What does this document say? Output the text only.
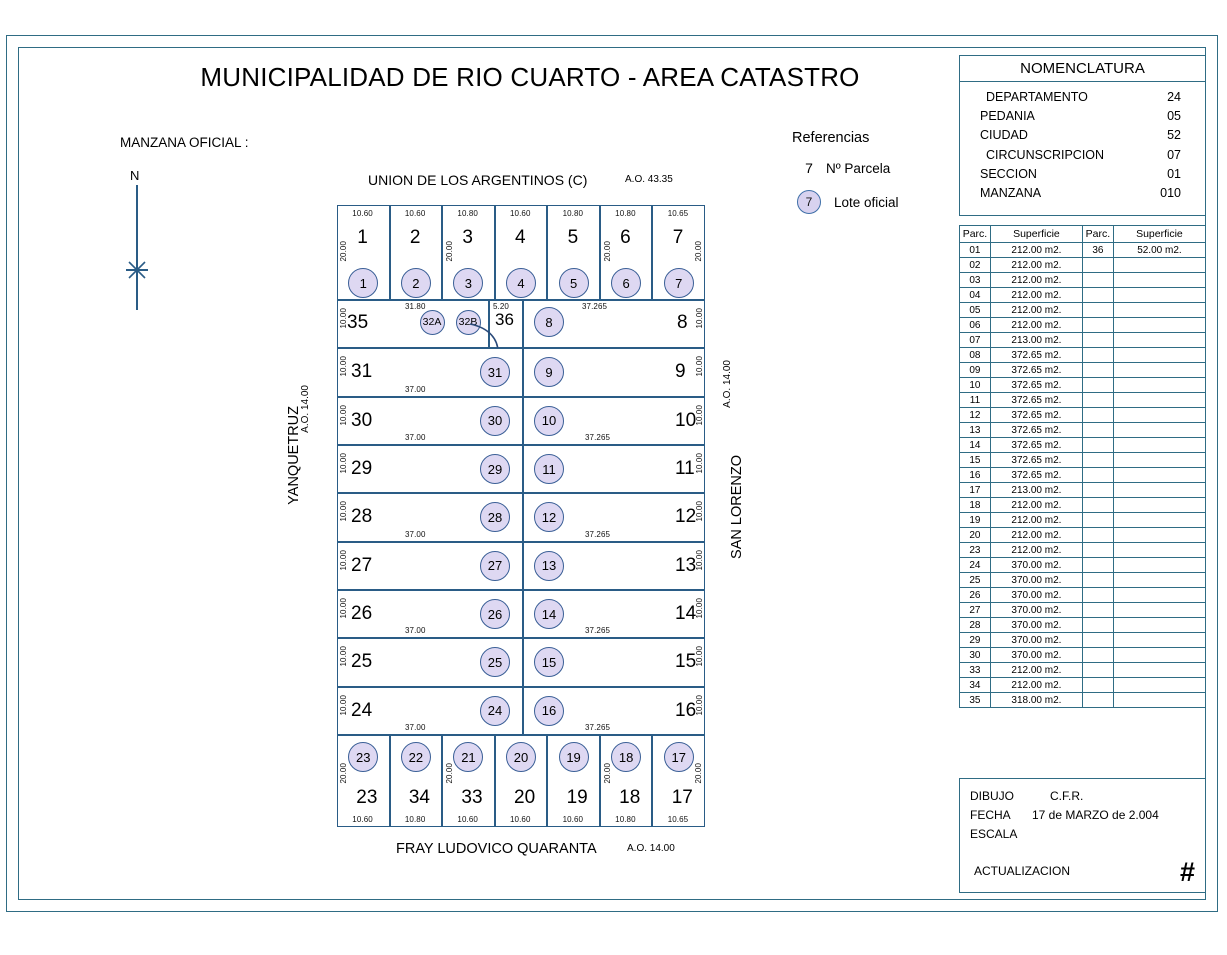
MUNICIPALIDAD DE RIO CUARTO - AREA CATASTRO
MANZANA OFICIAL :
N
Referencias
7 Nº Parcela
7	Lote oficial
UNION DE LOS ARGENTINOS (C)	A.O. 43.35
FRAY LUDOVICO QUARANTA	A.O. 14.00
YANQUETRUZ
A.O. 14.00
SAN LORENZO
A.O. 14.00
1
1
10.60
2
2
10.60
3
3
10.80
4
4
10.60
5
5
10.80
6
6
10.80
7
7
10.65
20.00	20.00	20.00	20.00
35	32A	32B 36
5.20
31.80	37.265
8	8
10.00	10.00
31	31	9	9
37.00
10.00	10.00
30	30	10	10
37.00	37.265
10.00	10.00
29	29	11	11
10.00	10.00
28	28	12	12
37.00	37.265
10.00	10.00
27	27	13	13
10.00	10.00
26	26	14	14
37.00	37.265
10.00	10.00
25	25	15	15
10.00	10.00
24	24	16	16
37.00	37.265
10.00	10.00
23
23
10.60
22
34
10.80
21
33
10.60
20
20
10.60
19
19
10.60
18
18
10.80
17
17
10.65
20.00	20.00	20.00	20.00
NOMENCLATURA
DEPARTAMENTO	24
PEDANIA	05
CIUDAD	52
CIRCUNSCRIPCION	07
SECCION	01
MANZANA	010
Parc.	Superficie	Parc.	Superficie
01	212.00 m2.	36	52.00 m2.
02	212.00 m2.		
03	212.00 m2.		
04	212.00 m2.		
05	212.00 m2.		
06	212.00 m2.		
07	213.00 m2.		
08	372.65 m2.		
09	372.65 m2.		
10	372.65 m2.		
11	372.65 m2.		
12	372.65 m2.		
13	372.65 m2.		
14	372.65 m2.		
15	372.65 m2.		
16	372.65 m2.		
17	213.00 m2.		
18	212.00 m2.		
19	212.00 m2.		
20	212.00 m2.		
23	212.00 m2.		
24	370.00 m2.		
25	370.00 m2.		
26	370.00 m2.		
27	370.00 m2.		
28	370.00 m2.		
29	370.00 m2.		
30	370.00 m2.		
33	212.00 m2.		
34	212.00 m2.		
35	318.00 m2.		
DIBUJO	C.F.R.
FECHA	17 de MARZO de 2.004
ESCALA
ACTUALIZACION	#
